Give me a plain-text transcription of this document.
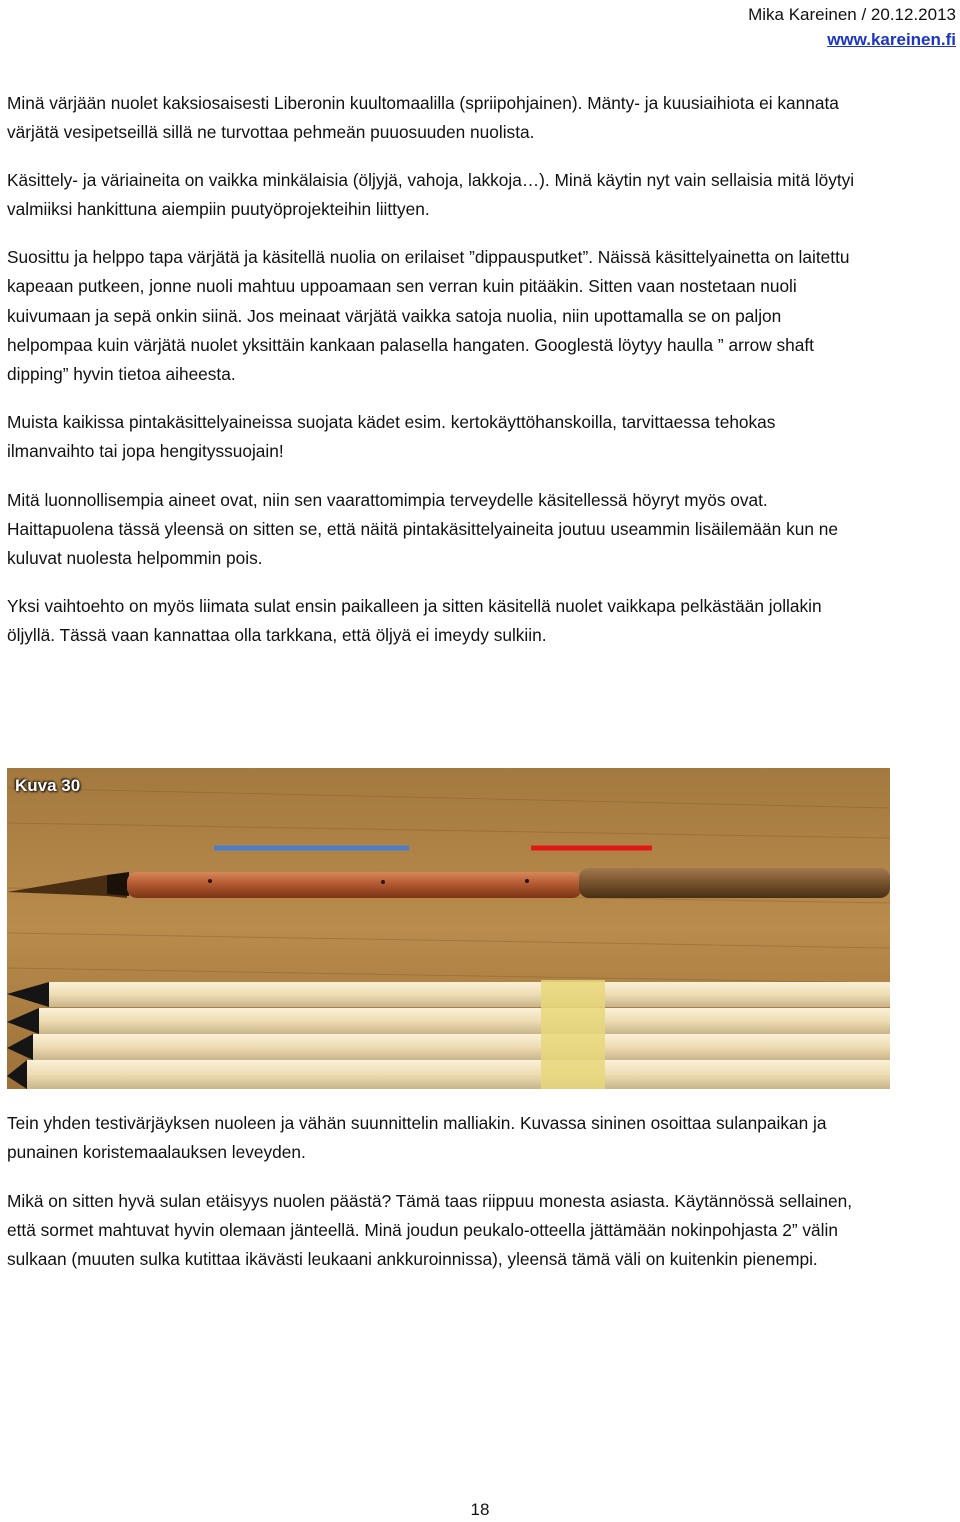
Mika Kareinen / 20.12.2013
www.kareinen.fi

Minä värjään nuolet kaksiosaisesti Liberonin kuultomaalilla (spriipohjainen). Mänty- ja kuusiaihiota ei kannata

värjätä vesipetseillä sillä ne turvottaa pehmeän puuosuuden nuolista.

Käsittely- ja väriaineita on vaikka minkälaisia (öljyjä, vahoja, lakkoja…). Minä käytin nyt vain sellaisia mitä löytyi

valmiiksi hankittuna aiempiin puutyöprojekteihin liittyen.

Suosittu ja helppo tapa värjätä ja käsitellä nuolia on erilaiset ”dippausputket”. Näissä käsittelyainetta on laitettu

kapeaan putkeen, jonne nuoli mahtuu uppoamaan sen verran kuin pitääkin. Sitten vaan nostetaan nuoli

kuivumaan ja sepä onkin siinä. Jos meinaat värjätä vaikka satoja nuolia, niin upottamalla se on paljon

helpompaa kuin värjätä nuolet yksittäin kankaan palasella hangaten. Googlestä löytyy haulla ” arrow shaft

dipping” hyvin tietoa aiheesta.

Muista kaikissa pintakäsittelyaineissa suojata kädet esim. kertokäyttöhanskoilla, tarvittaessa tehokas

ilmanvaihto tai jopa hengityssuojain!

Mitä luonnollisempia aineet ovat, niin sen vaarattomimpia terveydelle käsitellessä höyryt myös ovat.

Haittapuolena tässä yleensä on sitten se, että näitä pintakäsittelyaineita joutuu useammin lisäilemään kun ne

kuluvat nuolesta helpommin pois.

Yksi vaihtoehto on myös liimata sulat ensin paikalleen ja sitten käsitellä nuolet vaikkapa pelkästään jollakin

öljyllä. Tässä vaan kannattaa olla tarkkana, että öljyä ei imeydy sulkiin.

Kuva 30

Tein yhden testivärjäyksen nuoleen ja vähän suunnittelin malliakin. Kuvassa sininen osoittaa sulanpaikan ja

punainen koristemaalauksen leveyden.

Mikä on sitten hyvä sulan etäisyys nuolen päästä? Tämä taas riippuu monesta asiasta. Käytännössä sellainen,

että sormet mahtuvat hyvin olemaan jänteellä. Minä joudun peukalo-otteella jättämään nokinpohjasta 2” välin

sulkaan (muuten sulka kutittaa ikävästi leukaani ankkuroinnissa), yleensä tämä väli on kuitenkin pienempi.

18
